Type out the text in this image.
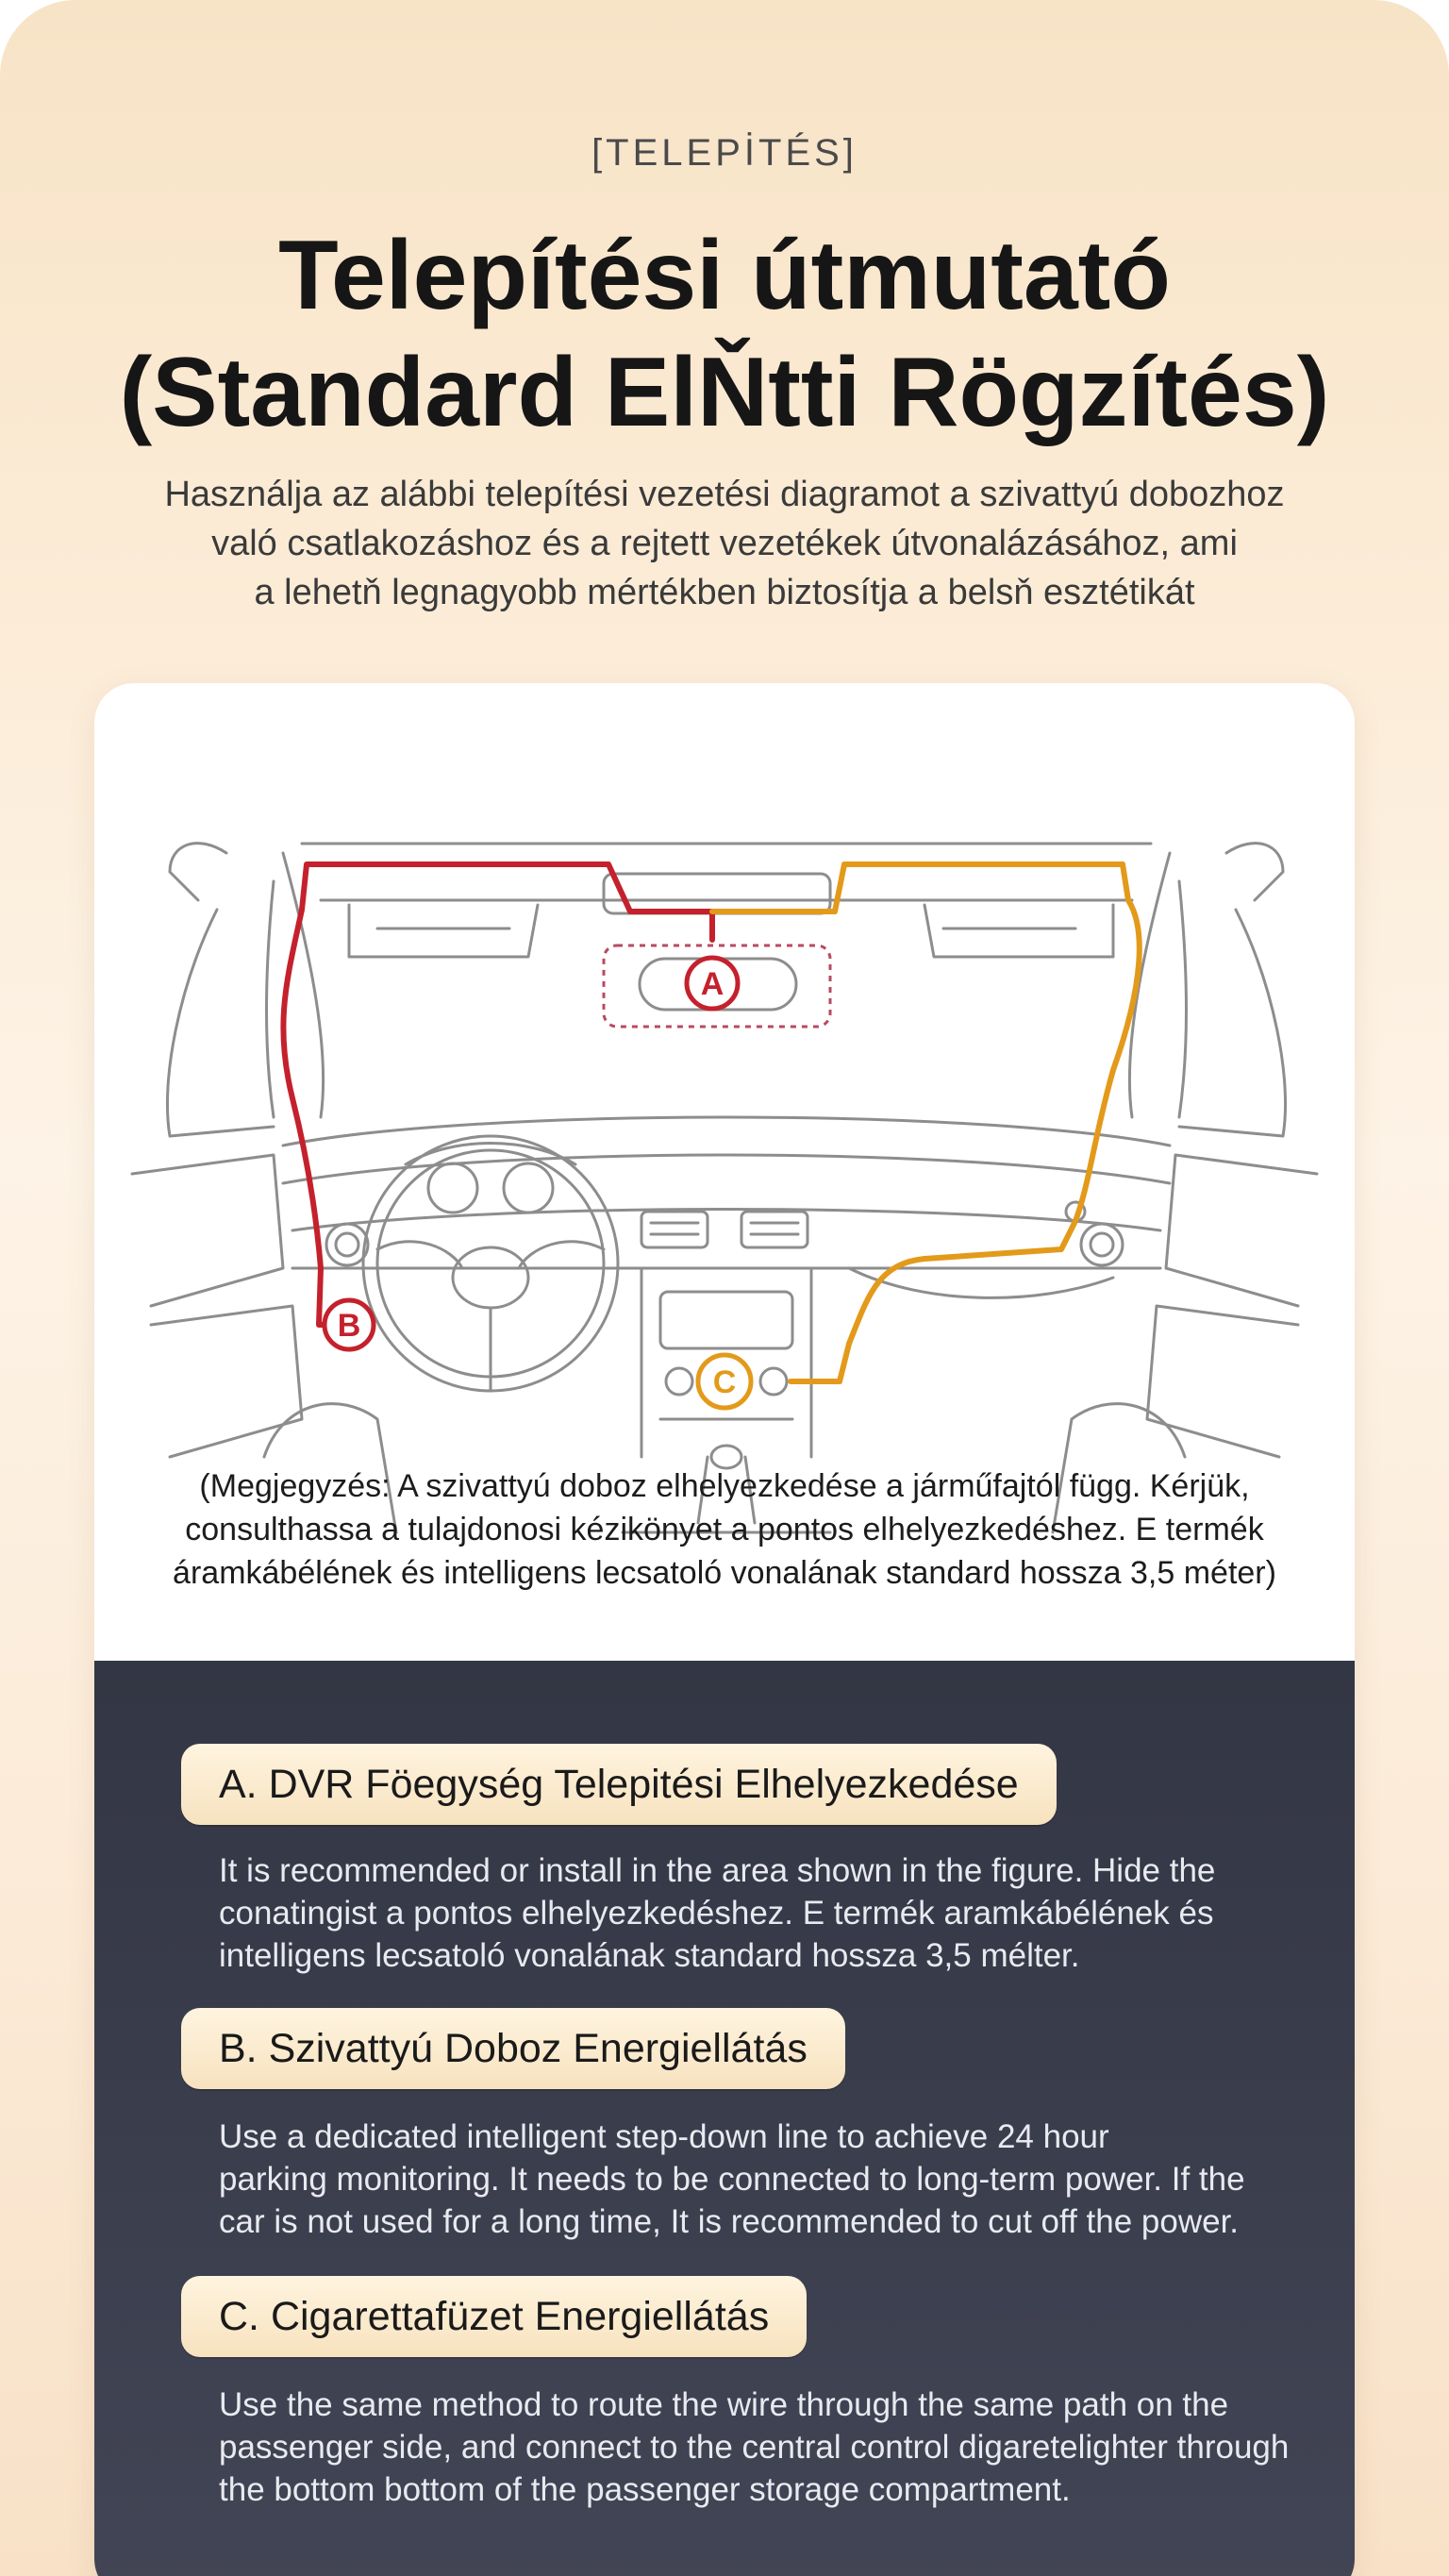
[TELEPİTÉS]
Telepítési útmutató
(Standard ElŇtti Rögzítés)
Használja az alábbi telepítési vezetési diagramot a szivattyú dobozhoz
való csatlakozáshoz és a rejtett vezetékek útvonalázásához, ami
a lehetň legnagyobb mértékben biztosítja a belsň esztétikát
A
B
C
(Megjegyzés: A szivattyú doboz elhelyezkedése a járműfajtól függ. Kérjük,
consulthassa a tulajdonosi kézikönyet a pontos elhelyezkedéshez. E termék
áramkábélének és intelligens lecsatoló vonalának standard hossza 3,5 méter)
A. DVR Föegység Telepitési Elhelyezkedése
It is recommended or install in the area shown in the figure. Hide the
conatingist a pontos elhelyezkedéshez. E termék aramkábélének és
intelligens lecsatoló vonalának standard hossza 3,5 mélter.
B. Szivattyú Doboz Energiellátás
Use a dedicated intelligent step-down line to achieve 24 hour
parking monitoring. It needs to be connected to long-term power. If the
car is not used for a long time, It is recommended to cut off the power.
C. Cigarettafüzet Energiellátás
Use the same method to route the wire through the same path on the
passenger side, and connect to the central control digaretelighter through
the bottom bottom of the passenger storage compartment.
